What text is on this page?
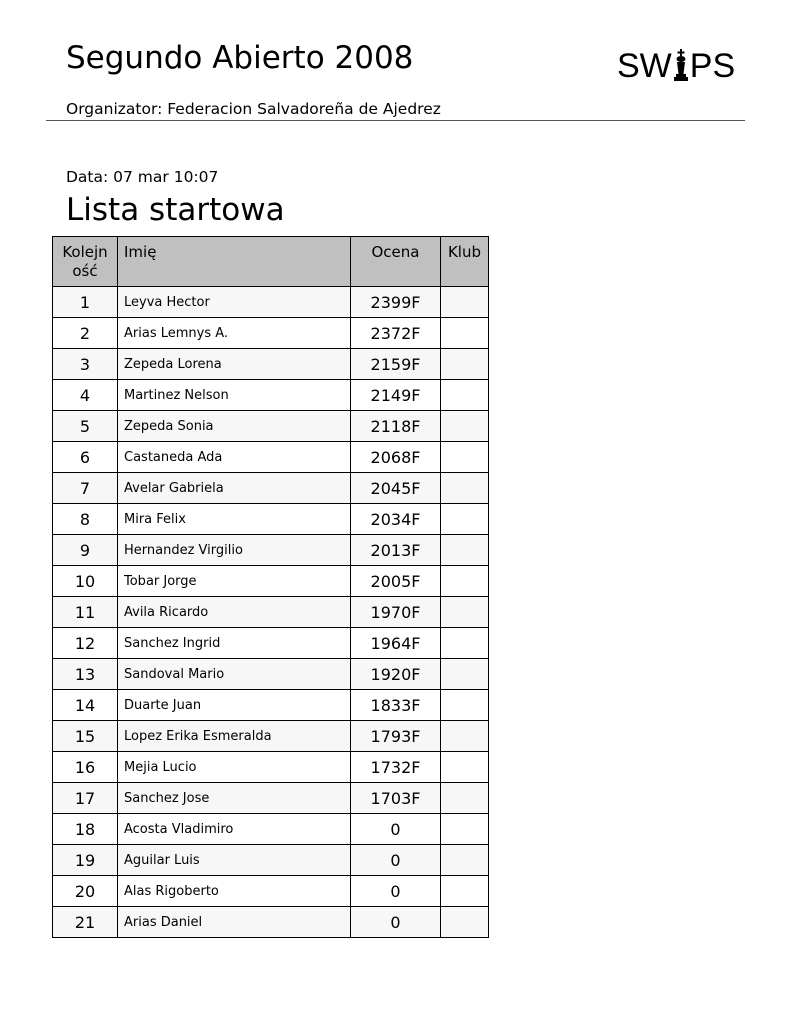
Segundo Abierto 2008	SW PS
Organizator: Federacion Salvadoreña de Ajedrez
Data: 07 mar 10:07
Lista startowa
Kolejn
ość	Imię	Ocena	Klub
1	Leyva Hector	2399F	
2	Arias Lemnys A.	2372F	
3	Zepeda Lorena	2159F	
4	Martinez Nelson	2149F	
5	Zepeda Sonia	2118F	
6	Castaneda Ada	2068F	
7	Avelar Gabriela	2045F	
8	Mira Felix	2034F	
9	Hernandez Virgilio	2013F	
10	Tobar Jorge	2005F	
11	Avila Ricardo	1970F	
12	Sanchez Ingrid	1964F	
13	Sandoval Mario	1920F	
14	Duarte Juan	1833F	
15	Lopez Erika Esmeralda	1793F	
16	Mejia Lucio	1732F	
17	Sanchez Jose	1703F	
18	Acosta Vladimiro	0	
19	Aguilar Luis	0	
20	Alas Rigoberto	0	
21	Arias Daniel	0	
